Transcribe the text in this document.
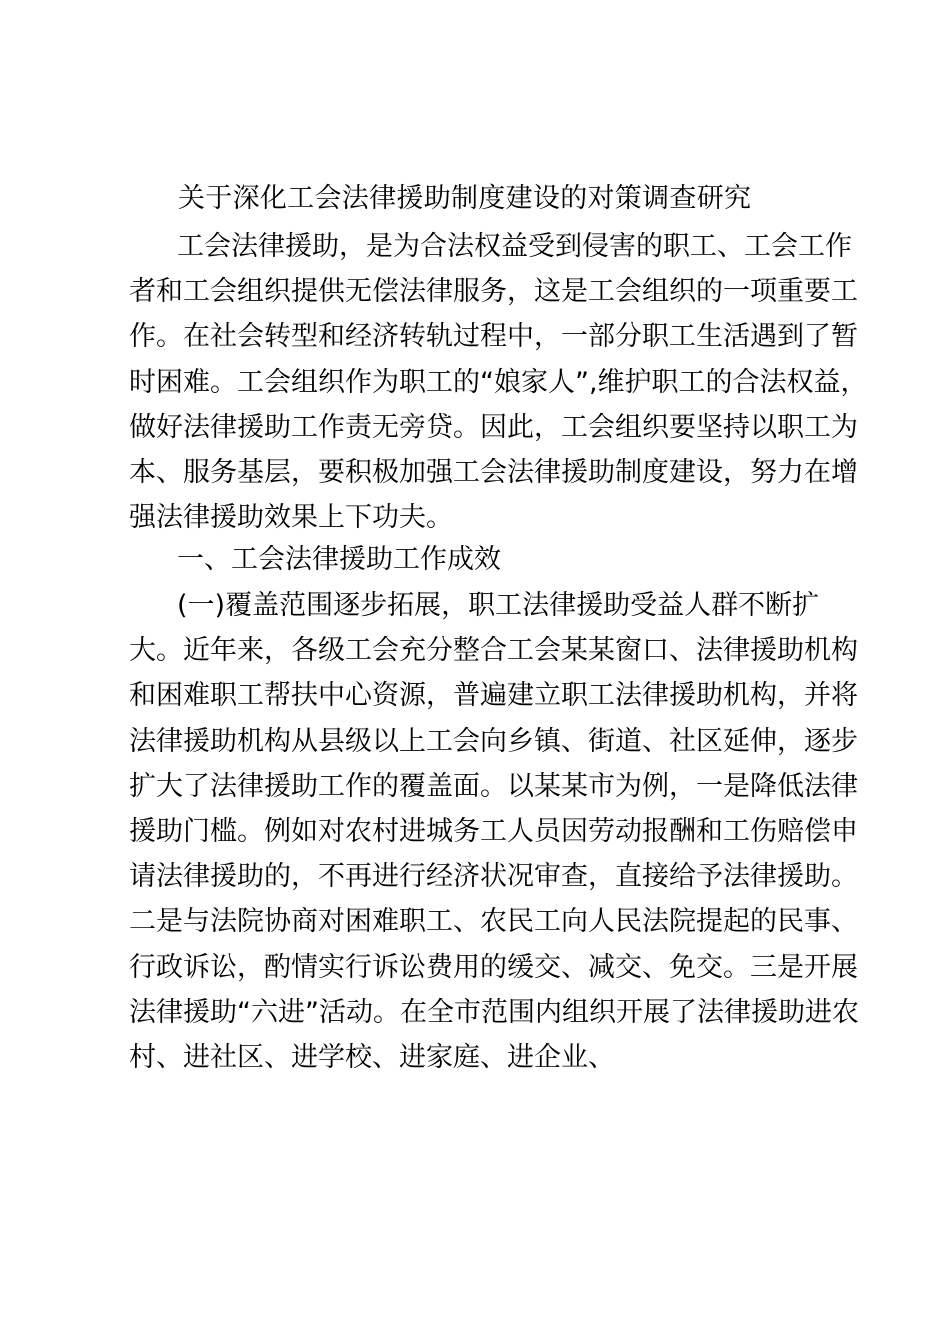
关于深化工会法律援助制度建设的对策调查研究
工会法律援助，是为合法权益受到侵害的职工、工会工作
者和工会组织提供无偿法律服务，这是工会组织的一项重要工
作。在社会转型和经济转轨过程中，一部分职工生活遇到了暂
时困难。工会组织作为职工的“娘家人”,维护职工的合法权益，
做好法律援助工作责无旁贷。因此，工会组织要坚持以职工为
本、服务基层，要积极加强工会法律援助制度建设，努力在增
强法律援助效果上下功夫。
一、工会法律援助工作成效
(一)覆盖范围逐步拓展，职工法律援助受益人群不断扩
大。近年来，各级工会充分整合工会某某窗口、法律援助机构
和困难职工帮扶中心资源，普遍建立职工法律援助机构，并将
法律援助机构从县级以上工会向乡镇、街道、社区延伸，逐步
扩大了法律援助工作的覆盖面。以某某市为例，一是降低法律
援助门槛。例如对农村进城务工人员因劳动报酬和工伤赔偿申
请法律援助的，不再进行经济状况审查，直接给予法律援助。
二是与法院协商对困难职工、农民工向人民法院提起的民事、
行政诉讼，酌情实行诉讼费用的缓交、减交、免交。三是开展
法律援助“六进”活动。在全市范围内组织开展了法律援助进农
村、进社区、进学校、进家庭、进企业、
